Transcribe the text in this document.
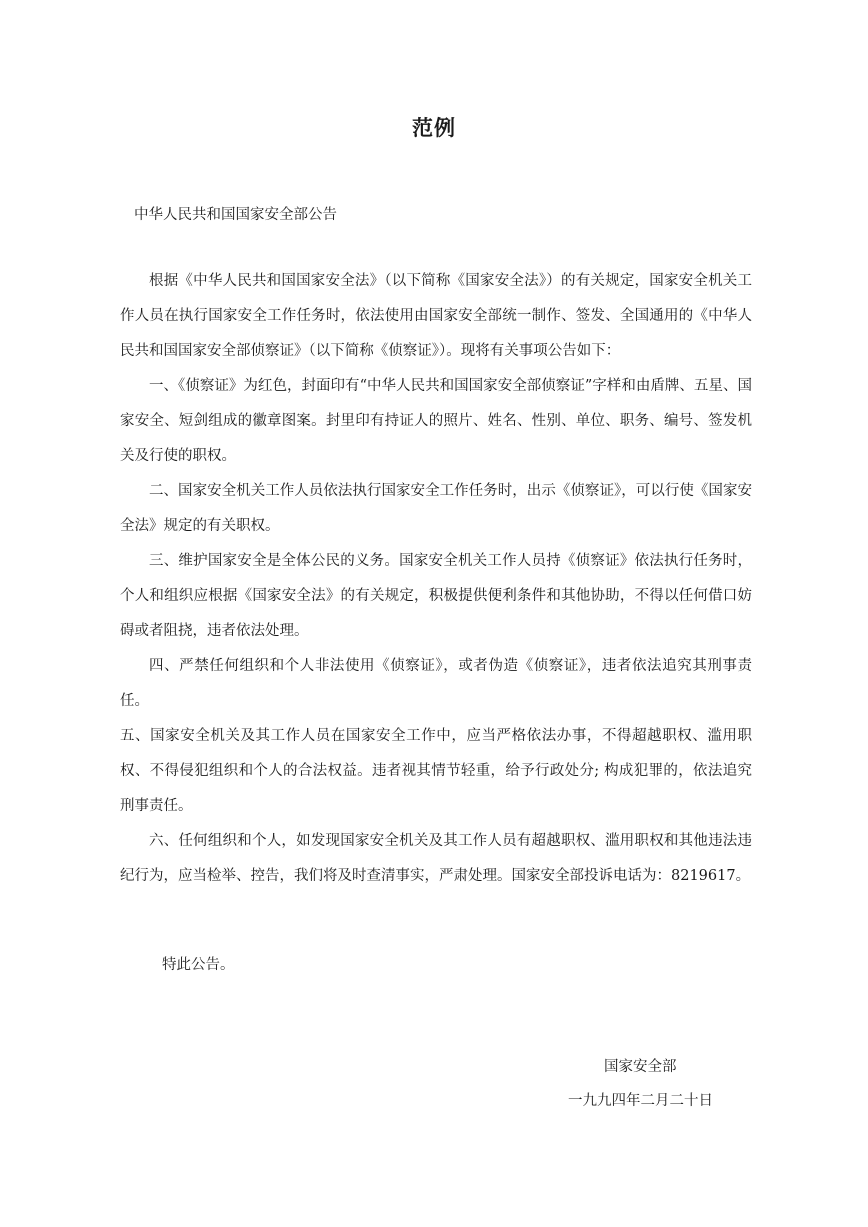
范例
中华人民共和国国家安全部公告

根据《中华人民共和国国家安全法》（以下简称《国家安全法》）的有关规定，国家安全机关工作人员在执行国家安全工作任务时，依法使用由国家安全部统一制作、签发、全国通用的《中华人民共和国国家安全部侦察证》（以下简称《侦察证》）。现将有关事项公告如下：

一、《侦察证》为红色，封面印有“中华人民共和国国家安全部侦察证”字样和由盾牌、五星、国家安全、短剑组成的徽章图案。封里印有持证人的照片、姓名、性别、单位、职务、编号、签发机关及行使的职权。

二、国家安全机关工作人员依法执行国家安全工作任务时，出示《侦察证》，可以行使《国家安全法》规定的有关职权。

三、维护国家安全是全体公民的义务。国家安全机关工作人员持《侦察证》依法执行任务时，个人和组织应根据《国家安全法》的有关规定，积极提供便利条件和其他协助，不得以任何借口妨碍或者阻挠，违者依法处理。

四、严禁任何组织和个人非法使用《侦察证》，或者伪造《侦察证》，违者依法追究其刑事责任。

五、国家安全机关及其工作人员在国家安全工作中，应当严格依法办事，不得超越职权、滥用职权、不得侵犯组织和个人的合法权益。违者视其情节轻重，给予行政处分; 构成犯罪的，依法追究刑事责任。

六、任何组织和个人，如发现国家安全机关及其工作人员有超越职权、滥用职权和其他违法违纪行为，应当检举、控告，我们将及时查清事实，严肃处理。国家安全部投诉电话为：8219617。

特此公告。
国家安全部
一九九四年二月二十日
